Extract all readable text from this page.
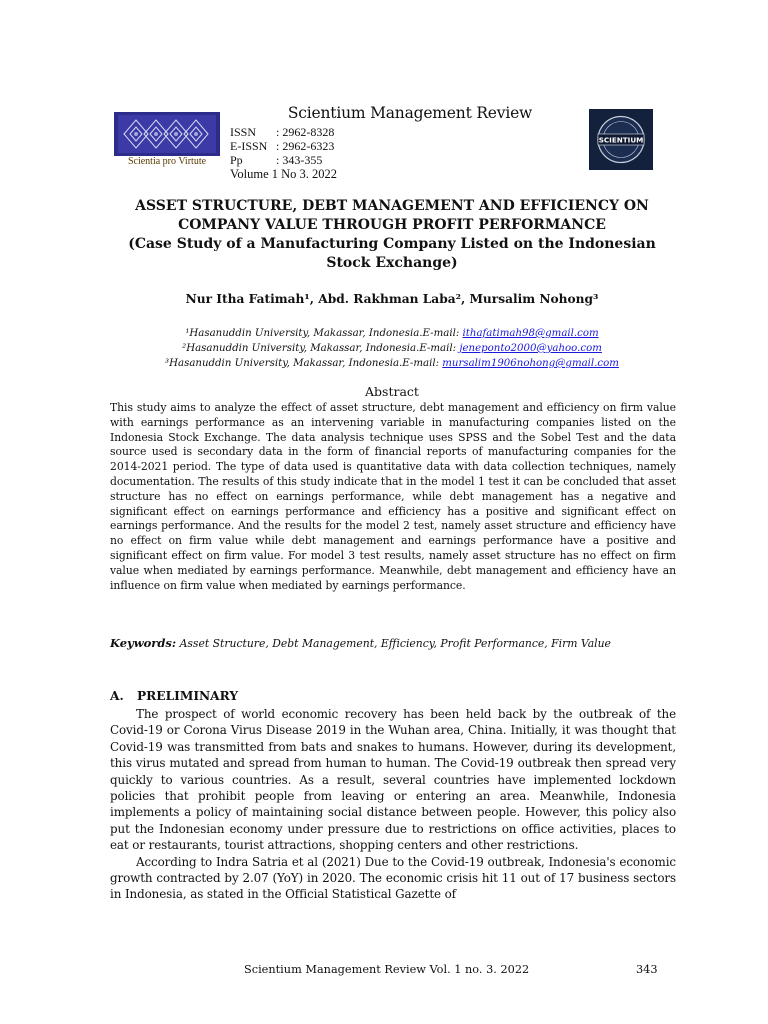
Scientia pro Virtute
Scientium Management Review
ISSN	: 2962-8328
E-ISSN : 2962-6323
Pp	: 343-355
Volume 1 No 3. 2022
SCIENTIUM
ASSET STRUCTURE, DEBT MANAGEMENT AND EFFICIENCY ON
COMPANY VALUE THROUGH PROFIT PERFORMANCE
(Case Study of a Manufacturing Company Listed on the Indonesian Stock Exchange)
Nur Itha Fatimah¹, Abd. Rakhman Laba², Mursalim Nohong³
¹Hasanuddin University, Makassar, Indonesia.E-mail: ithafatimah98@gmail.com
²Hasanuddin University, Makassar, Indonesia.E-mail: jeneponto2000@yahoo.com
³Hasanuddin University, Makassar, Indonesia.E-mail: mursalim1906nohong@gmail.com
Abstract
This study aims to analyze the effect of asset structure, debt management and efficiency on firm value with earnings performance as an intervening variable in manufacturing companies listed on the Indonesia Stock Exchange. The data analysis technique uses SPSS and the Sobel Test and the data source used is secondary data in the form of financial reports of manufacturing companies for the 2014-2021 period. The type of data used is quantitative data with data collection techniques, namely documentation. The results of this study indicate that in the model 1 test it can be concluded that asset structure has no effect on earnings performance, while debt management has a negative and significant effect on earnings performance and efficiency has a positive and significant effect on earnings performance. And the results for the model 2 test, namely asset structure and efficiency have no effect on firm value while debt management and earnings performance have a positive and significant effect on firm value. For model 3 test results, namely asset structure has no effect on firm value when mediated by earnings performance. Meanwhile, debt management and efficiency have an influence on firm value when mediated by earnings performance.
Keywords: Asset Structure, Debt Management, Efficiency, Profit Performance, Firm Value
A. PRELIMINARY

The prospect of world economic recovery has been held back by the outbreak of the Covid-19 or Corona Virus Disease 2019 in the Wuhan area, China. Initially, it was thought that Covid-19 was transmitted from bats and snakes to humans. However, during its development, this virus mutated and spread from human to human. The Covid-19 outbreak then spread very quickly to various countries. As a result, several countries have implemented lockdown policies that prohibit people from leaving or entering an area. Meanwhile, Indonesia implements a policy of maintaining social distance between people. However, this policy also put the Indonesian economy under pressure due to restrictions on office activities, places to eat or restaurants, tourist attractions, shopping centers and other restrictions.

According to Indra Satria et al (2021) Due to the Covid-19 outbreak, Indonesia's economic growth contracted by 2.07 (YoY) in 2020. The economic crisis hit 11 out of 17 business sectors in Indonesia, as stated in the Official Statistical Gazette of

Scientium Management Review Vol. 1 no. 3. 2022	343
